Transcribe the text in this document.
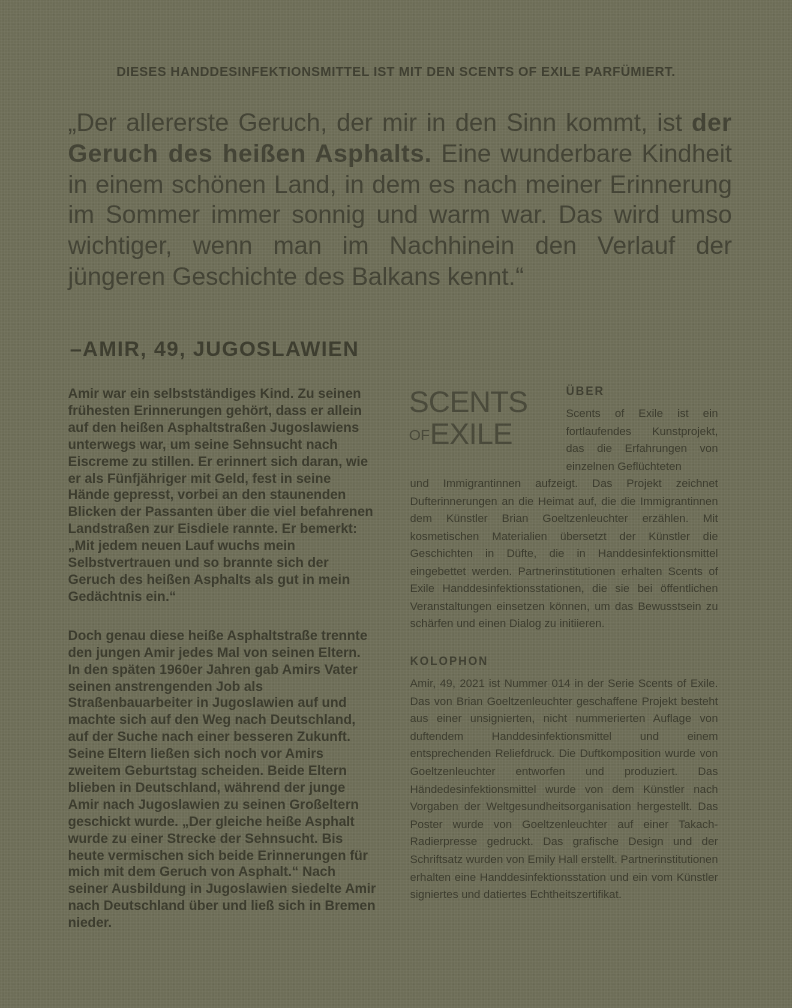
DIESES HANDDESINFEKTIONSMITTEL IST MIT DEN SCENTS OF EXILE PARFÜMIERT.

„Der allererste Geruch, der mir in den Sinn kommt, ist der Geruch des heißen Asphalts. Eine wunderbare Kindheit in einem schönen Land, in dem es nach meiner Erinnerung im Sommer immer sonnig und warm war. Das wird umso wichtiger, wenn man im Nachhinein den Verlauf der jüngeren Geschichte des Balkans kennt.“

–AMIR, 49, JUGOSLAWIEN

Amir war ein selbstständiges Kind. Zu seinen frühesten Erinnerungen gehört, dass er allein auf den heißen Asphaltstraßen Jugoslawiens unterwegs war, um seine Sehnsucht nach Eiscreme zu stillen. Er erinnert sich daran, wie er als Fünfjähriger mit Geld, fest in seine Hände gepresst, vorbei an den staunenden Blicken der Passanten über die viel befahrenen Landstraßen zur Eisdiele rannte. Er bemerkt: „Mit jedem neuen Lauf wuchs mein Selbstvertrauen und so brannte sich der Geruch des heißen Asphalts als gut in mein Gedächtnis ein.“

Doch genau diese heiße Asphaltstraße trennte den jungen Amir jedes Mal von seinen Eltern. In den späten 1960er Jahren gab Amirs Vater seinen anstrengenden Job als Straßenbauarbeiter in Jugoslawien auf und machte sich auf den Weg nach Deutschland, auf der Suche nach einer besseren Zukunft. Seine Eltern ließen sich noch vor Amirs zweitem Geburtstag scheiden. Beide Eltern blieben in Deutschland, während der junge Amir nach Jugoslawien zu seinen Großeltern geschickt wurde. „Der gleiche heiße Asphalt wurde zu einer Strecke der Sehnsucht. Bis heute vermischen sich beide Erinnerungen für mich mit dem Geruch von Asphalt.“ Nach seiner Ausbildung in Jugoslawien siedelte Amir nach Deutschland über und ließ sich in Bremen nieder.

SCENTS
OFEXILE
ÜBER
Scents of Exile ist ein fortlaufendes Kunstprojekt, das die Erfahrungen von einzelnen Geflüchteten
und Immigrantinnen aufzeigt. Das Projekt zeichnet Dufterinnerungen an die Heimat auf, die die Immigrantinnen dem Künstler Brian Goeltzenleuchter erzählen. Mit kosmetischen Materialien übersetzt der Künstler die Geschichten in Düfte, die in Handdesinfektionsmittel eingebettet werden. Partnerinstitutionen erhalten Scents of Exile Handdesinfektionsstationen, die sie bei öffentlichen Veranstaltungen einsetzen können, um das Bewusstsein zu schärfen und einen Dialog zu initiieren.
KOLOPHON
Amir, 49, 2021 ist Nummer 014 in der Serie Scents of Exile. Das von Brian Goeltzenleuchter geschaffene Projekt besteht aus einer unsignierten, nicht nummerierten Auflage von duftendem Handdesinfektionsmittel und einem entsprechenden Reliefdruck. Die Duftkomposition wurde von Goeltzenleuchter entworfen und produziert. Das Händedesinfektionsmittel wurde von dem Künstler nach Vorgaben der Weltgesundheitsorganisation hergestellt. Das Poster wurde von Goeltzenleuchter auf einer Takach-Radierpresse gedruckt. Das grafische Design und der Schriftsatz wurden von Emily Hall erstellt. Partnerinstitutionen erhalten eine Handdesinfektionsstation und ein vom Künstler signiertes und datiertes Echtheitszertifikat.
